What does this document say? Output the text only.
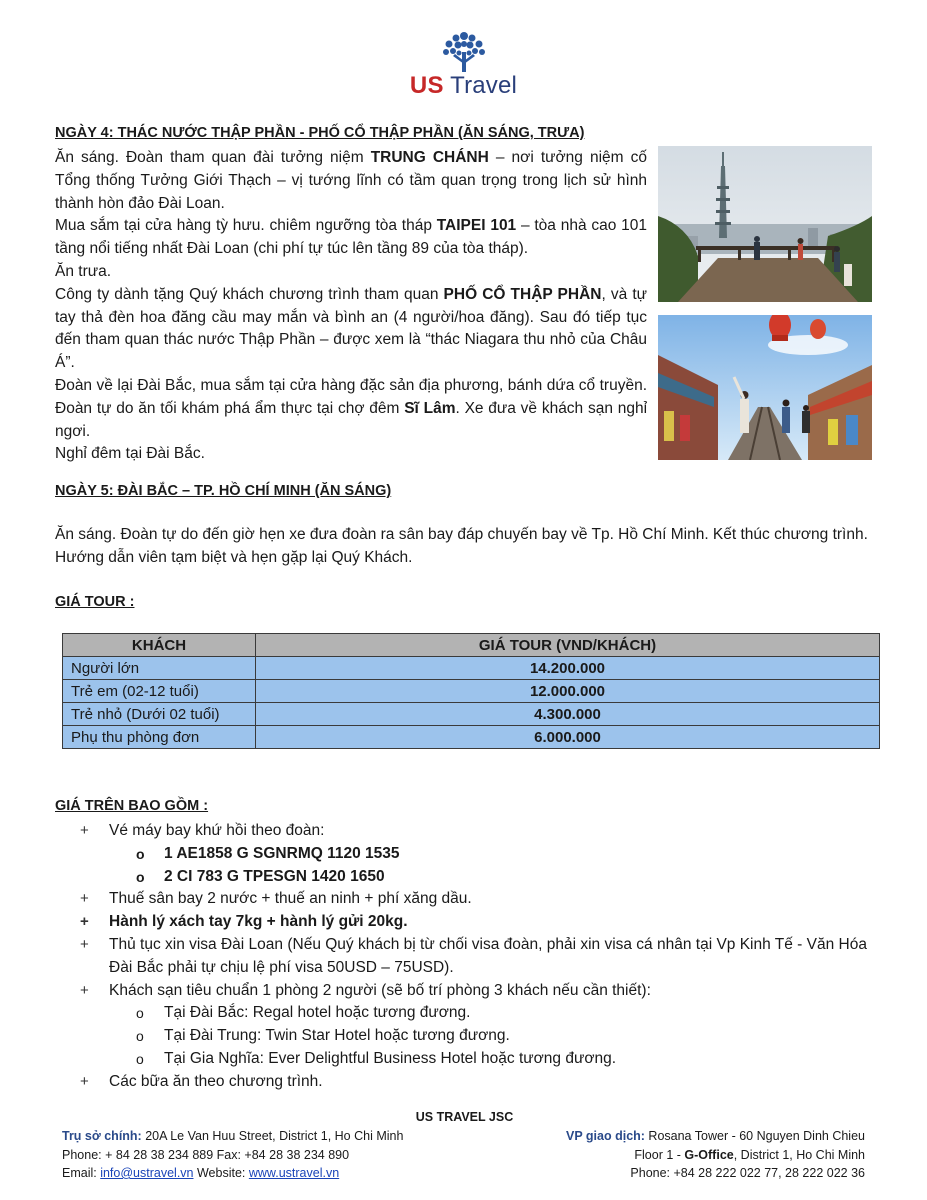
US Travel
NGÀY 4: THÁC NƯỚC THẬP PHẦN - PHỐ CỔ THẬP PHẦN (ĂN SÁNG, TRƯA)

Ăn sáng. Đoàn tham quan đài tưởng niệm TRUNG CHÁNH – nơi tưởng niệm cố Tổng thống Tưởng Giới Thạch – vị tướng lĩnh có tầm quan trọng trong lịch sử hình thành hòn đảo Đài Loan.

Mua sắm tại cửa hàng tỳ hưu. chiêm ngưỡng tòa tháp TAIPEI 101 – tòa nhà cao 101 tầng nổi tiếng nhất Đài Loan (chi phí tự túc lên tầng 89 của tòa tháp).

Ăn trưa.

Công ty dành tặng Quý khách chương trình tham quan PHỐ CỔ THẬP PHẦN, và tự tay thả đèn hoa đăng cầu may mắn và bình an (4 người/hoa đăng). Sau đó tiếp tục đến tham quan thác nước Thập Phần – được xem là “thác Niagara thu nhỏ của Châu Á”.

Đoàn về lại Đài Bắc, mua sắm tại cửa hàng đặc sản địa phương, bánh dứa cổ truyền. Đoàn tự do ăn tối khám phá ẩm thực tại chợ đêm Sĩ Lâm. Xe đưa về khách sạn nghỉ ngơi.

Nghỉ đêm tại Đài Bắc.

NGÀY 5: ĐÀI BẮC – TP. HỒ CHÍ MINH (ĂN SÁNG)

Ăn sáng. Đoàn tự do đến giờ hẹn xe đưa đoàn ra sân bay đáp chuyến bay về Tp. Hồ Chí Minh. Kết thúc chương trình. Hướng dẫn viên tạm biệt và hẹn gặp lại Quý Khách.

GIÁ TOUR :
KHÁCH	GIÁ TOUR (VND/KHÁCH)
Người lớn	14.200.000
Trẻ em (02-12 tuổi)	12.000.000
Trẻ nhỏ (Dưới 02 tuổi)	4.300.000
Phụ thu phòng đơn	6.000.000
GIÁ TRÊN BAO GỒM :
+ Vé máy bay khứ hồi theo đoàn:
o 1 AE1858 G SGNRMQ 1120 1535
o 2 CI 783 G TPESGN 1420 1650
+ Thuế sân bay 2 nước + thuế an ninh + phí xăng dầu.
+ Hành lý xách tay 7kg + hành lý gửi 20kg.
+ Thủ tục xin visa Đài Loan (Nếu Quý khách bị từ chối visa đoàn, phải xin visa cá nhân tại Vp Kinh Tế - Văn Hóa Đài Bắc phải tự chịu lệ phí visa 50USD – 75USD).
+ Khách sạn tiêu chuẩn 1 phòng 2 người (sẽ bố trí phòng 3 khách nếu cần thiết):
o Tại Đài Bắc: Regal hotel hoặc tương đương.
o Tại Đài Trung: Twin Star Hotel hoặc tương đương.
o Tại Gia Nghĩa: Ever Delightful Business Hotel hoặc tương đương.
+ Các bữa ăn theo chương trình.
US TRAVEL JSC
Trụ sở chính: 20A Le Van Huu Street, District 1, Ho Chi Minh
Phone: + 84 28 38 234 889 Fax: +84 28 38 234 890
Email: info@ustravel.vn Website: www.ustravel.vn
VP giao dịch: Rosana Tower - 60 Nguyen Dinh Chieu
Floor 1 - G-Office, District 1, Ho Chi Minh
Phone: +84 28 222 022 77, 28 222 022 36
